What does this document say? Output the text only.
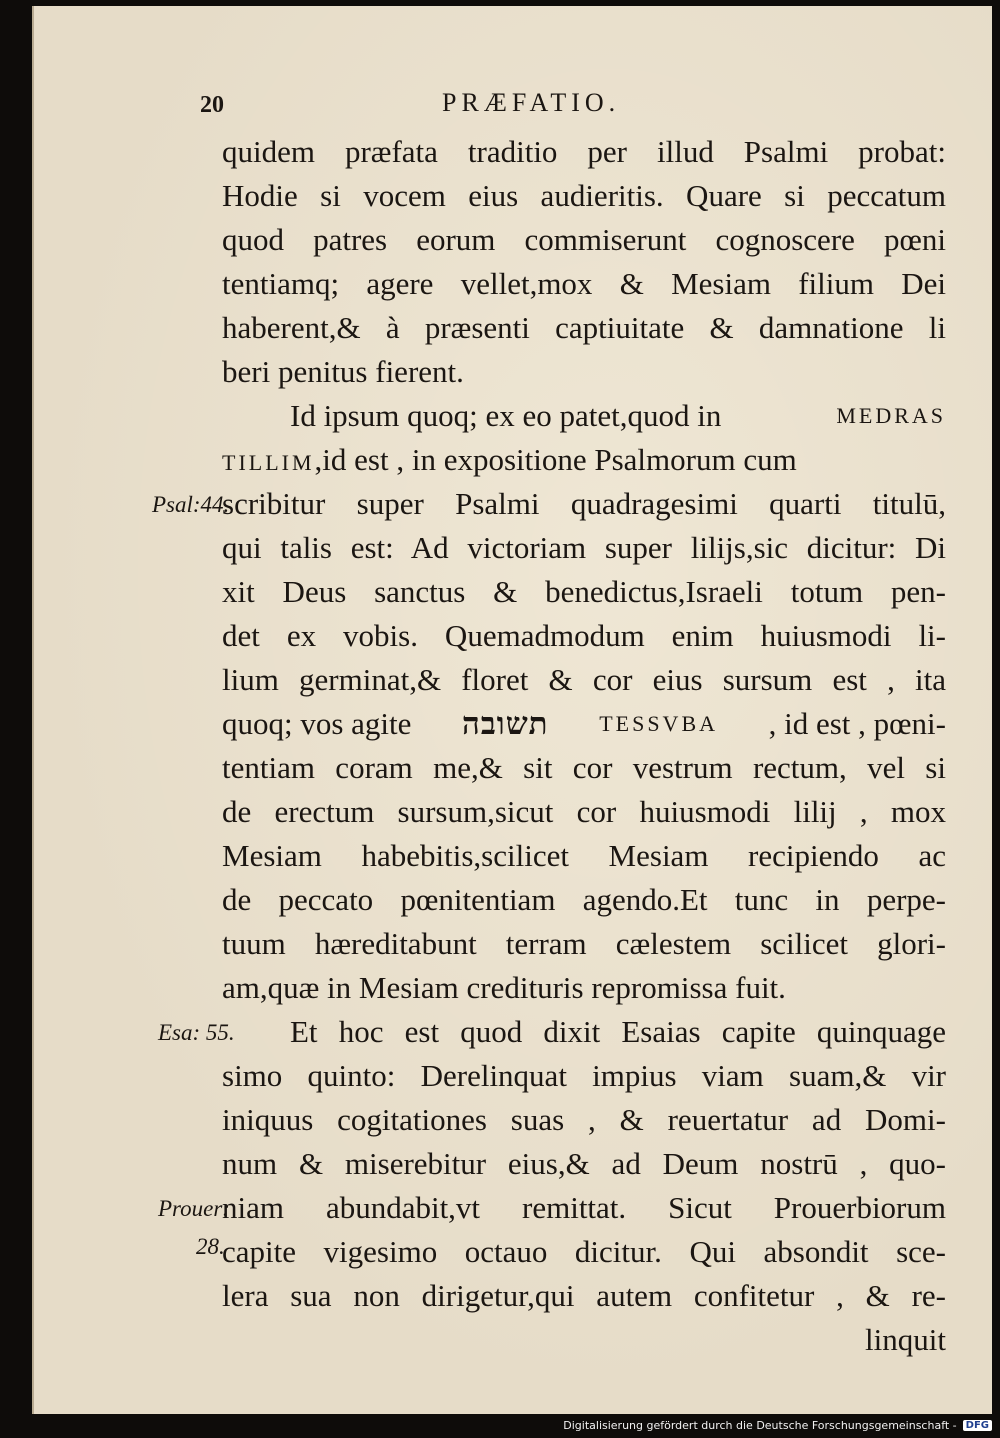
20	PRÆFATIO.
quidem præfata traditio per illud Psalmi probat:
Hodie si vocem eius audieritis. Quare si peccatum
quod patres eorum commiserunt cognoscere pœni
tentiamq; agere vellet,mox & Mesiam filium Dei
haberent,& à præsenti captiuitate & damnatione li
beri penitus fierent.
Id ipsum quoq; ex eo patet,quod in	MEDRAS
TILLIM,id est , in expositione Psalmorum cum
scribitur super Psalmi quadragesimi quarti titulū,
qui talis est: Ad victoriam super lilijs,sic dicitur: Di
xit Deus sanctus & benedictus,Israeli totum pen-
det ex vobis. Quemadmodum enim huiusmodi li-
lium germinat,& floret & cor eius sursum est , ita
quoq; vos agite תשובה TESSVBA , id est , pœni-
tentiam coram me,& sit cor vestrum rectum, vel si
de erectum sursum,sicut cor huiusmodi lilij , mox
Mesiam habebitis,scilicet Mesiam recipiendo ac
de peccato pœnitentiam agendo.Et tunc in perpe-
tuum hæreditabunt terram cælestem scilicet glori-
am,quæ in Mesiam credituris repromissa fuit.
Et hoc est quod dixit Esaias capite quinquage
simo quinto: Derelinquat impius viam suam,& vir
iniquus cogitationes suas , & reuertatur ad Domi-
num & miserebitur eius,& ad Deum nostrū , quo-
niam abundabit,vt remittat. Sicut Prouerbiorum
capite vigesimo octauo dicitur. Qui absondit sce-
lera sua non dirigetur,qui autem confitetur , & re-
linquit
Psal:44.
Esa: 55.
Prouer:
28.
Digitalisierung gefördert durch die Deutsche Forschungsgemeinschaft - DFG
